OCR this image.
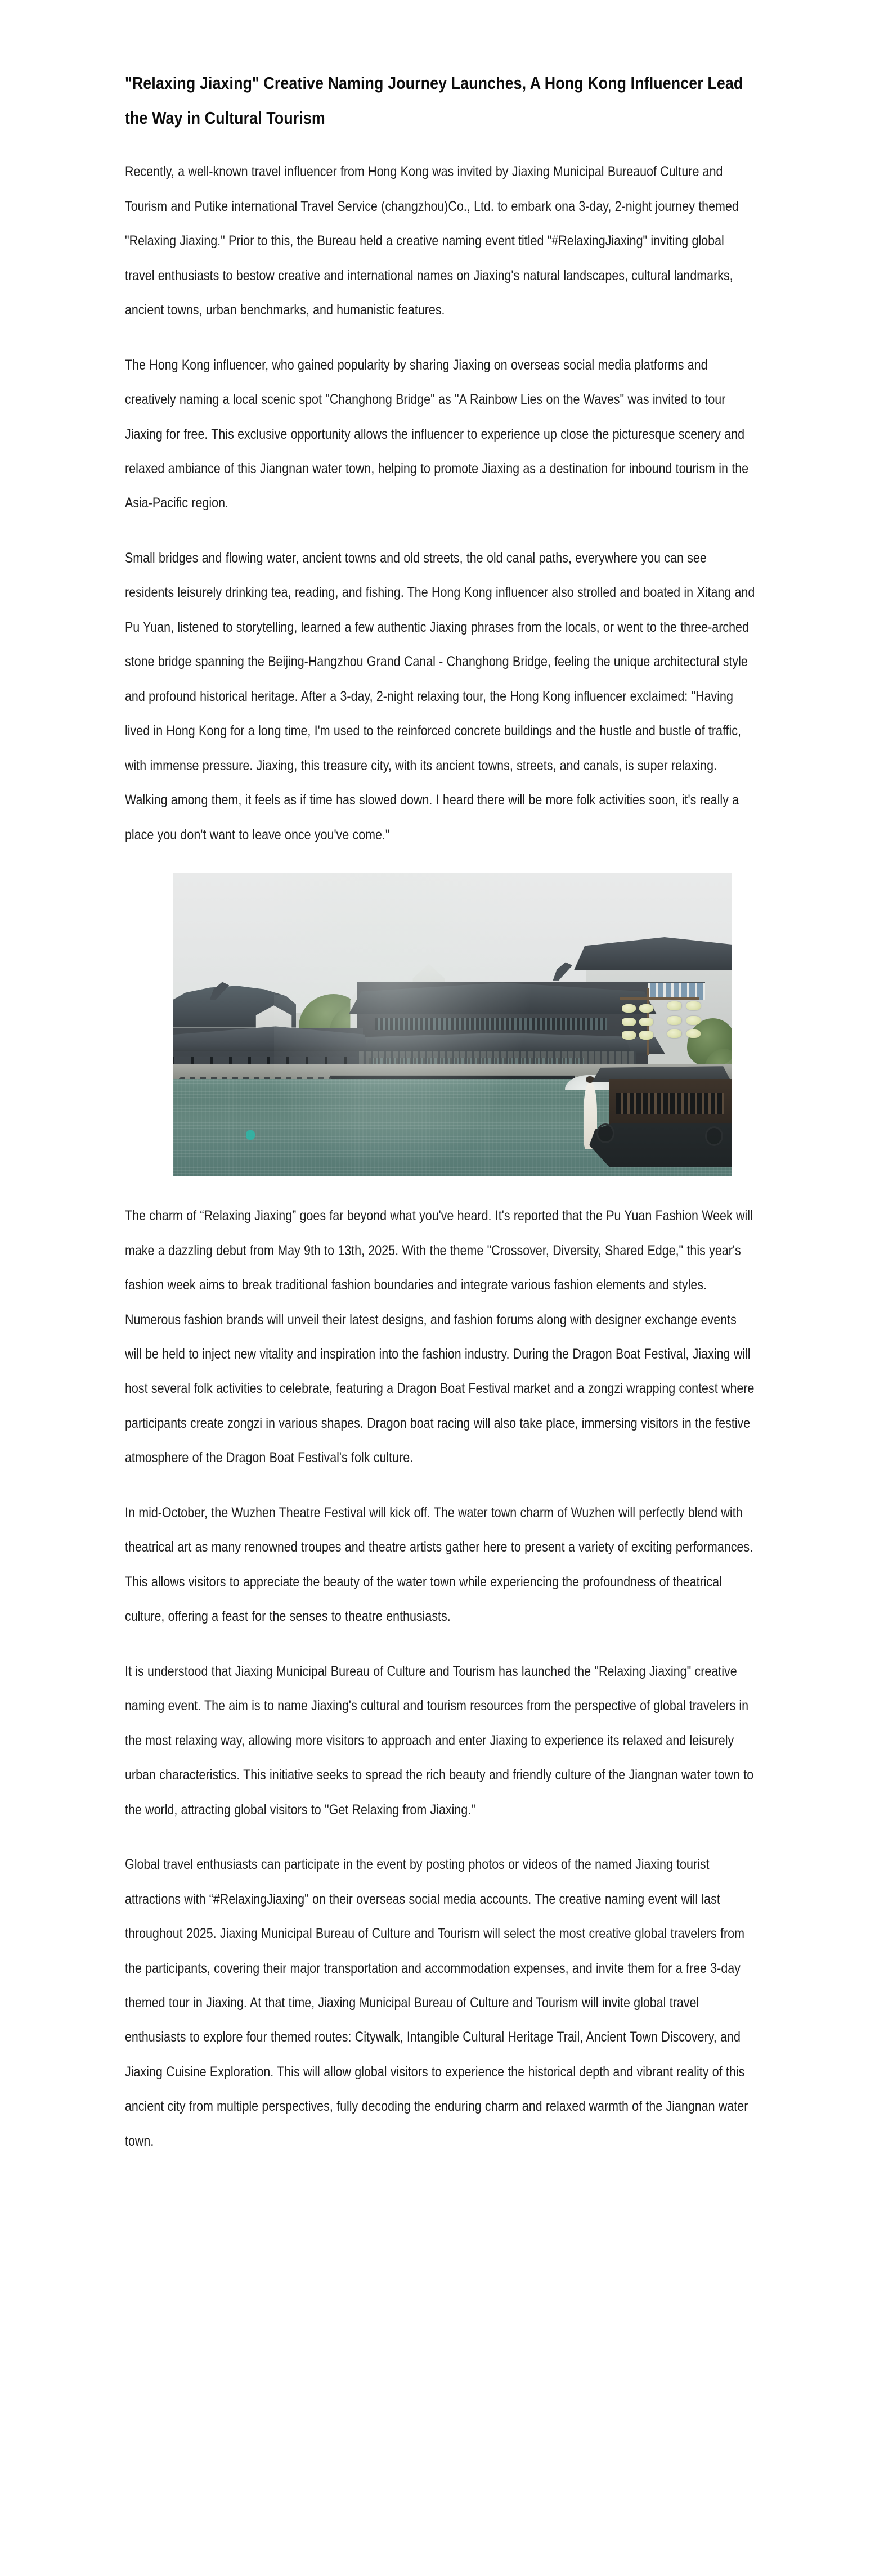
"Relaxing Jiaxing" Creative Naming Journey Launches, A Hong Kong Influencer Lead the Way in Cultural Tourism

Recently, a well-known travel influencer from Hong Kong was invited by Jiaxing Municipal Bureauof Culture and Tourism and Putike international Travel Service (changzhou)Co., Ltd. to embark ona 3-day, 2-night journey themed "Relaxing Jiaxing." Prior to this, the Bureau held a creative naming event titled "#RelaxingJiaxing" inviting global travel enthusiasts to bestow creative and international names on Jiaxing's natural landscapes, cultural landmarks, ancient towns, urban benchmarks, and humanistic features.

The Hong Kong influencer, who gained popularity by sharing Jiaxing on overseas social media platforms and creatively naming a local scenic spot "Changhong Bridge" as "A Rainbow Lies on the Waves" was invited to tour Jiaxing for free. This exclusive opportunity allows the influencer to experience up close the picturesque scenery and relaxed ambiance of this Jiangnan water town, helping to promote Jiaxing as a destination for inbound tourism in the Asia-Pacific region.

Small bridges and flowing water, ancient towns and old streets, the old canal paths, everywhere you can see residents leisurely drinking tea, reading, and fishing. The Hong Kong influencer also strolled and boated in Xitang and Pu Yuan, listened to storytelling, learned a few authentic Jiaxing phrases from the locals, or went to the three-arched stone bridge spanning the Beijing-Hangzhou Grand Canal - Changhong Bridge, feeling the unique architectural style and profound historical heritage. After a 3-day, 2-night relaxing tour, the Hong Kong influencer exclaimed: "Having lived in Hong Kong for a long time, I'm used to the reinforced concrete buildings and the hustle and bustle of traffic, with immense pressure. Jiaxing, this treasure city, with its ancient towns, streets, and canals, is super relaxing. Walking among them, it feels as if time has slowed down. I heard there will be more folk activities soon, it's really a place you don't want to leave once you've come."

The charm of “Relaxing Jiaxing” goes far beyond what you've heard. It's reported that the Pu Yuan Fashion Week will make a dazzling debut from May 9th to 13th, 2025. With the theme "Crossover, Diversity, Shared Edge," this year's fashion week aims to break traditional fashion boundaries and integrate various fashion elements and styles. Numerous fashion brands will unveil their latest designs, and fashion forums along with designer exchange events will be held to inject new vitality and inspiration into the fashion industry. During the Dragon Boat Festival, Jiaxing will host several folk activities to celebrate, featuring a Dragon Boat Festival market and a zongzi wrapping contest where participants create zongzi in various shapes. Dragon boat racing will also take place, immersing visitors in the festive atmosphere of the Dragon Boat Festival's folk culture.

In mid-October, the Wuzhen Theatre Festival will kick off. The water town charm of Wuzhen will perfectly blend with theatrical art as many renowned troupes and theatre artists gather here to present a variety of exciting performances. This allows visitors to appreciate the beauty of the water town while experiencing the profoundness of theatrical culture, offering a feast for the senses to theatre enthusiasts.

It is understood that Jiaxing Municipal Bureau of Culture and Tourism has launched the "Relaxing Jiaxing" creative naming event. The aim is to name Jiaxing's cultural and tourism resources from the perspective of global travelers in the most relaxing way, allowing more visitors to approach and enter Jiaxing to experience its relaxed and leisurely urban characteristics. This initiative seeks to spread the rich beauty and friendly culture of the Jiangnan water town to the world, attracting global visitors to "Get Relaxing from Jiaxing."

Global travel enthusiasts can participate in the event by posting photos or videos of the named Jiaxing tourist attractions with “#RelaxingJiaxing" on their overseas social media accounts. The creative naming event will last throughout 2025. Jiaxing Municipal Bureau of Culture and Tourism will select the most creative global travelers from the participants, covering their major transportation and accommodation expenses, and invite them for a free 3-day themed tour in Jiaxing. At that time, Jiaxing Municipal Bureau of Culture and Tourism will invite global travel enthusiasts to explore four themed routes: Citywalk, Intangible Cultural Heritage Trail, Ancient Town Discovery, and Jiaxing Cuisine Exploration. This will allow global visitors to experience the historical depth and vibrant reality of this ancient city from multiple perspectives, fully decoding the enduring charm and relaxed warmth of the Jiangnan water town.
